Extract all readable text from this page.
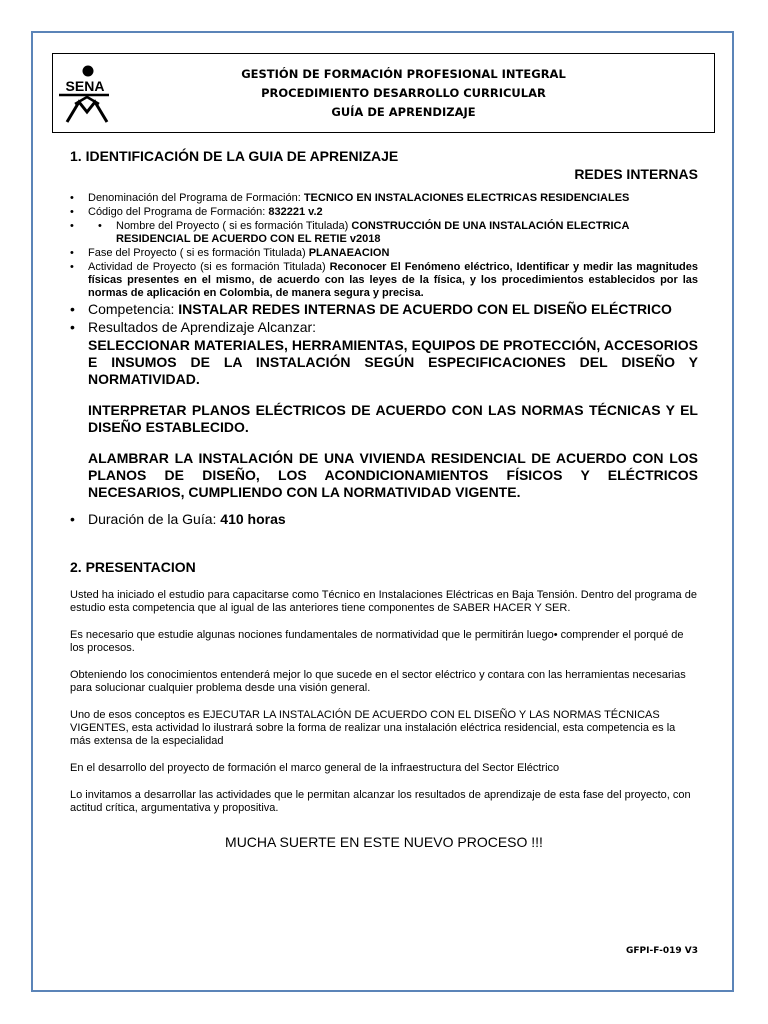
SENA
GESTIÓN DE FORMACIÓN PROFESIONAL INTEGRAL
PROCEDIMIENTO DESARROLLO CURRICULAR
GUÍA DE APRENDIZAJE
1. IDENTIFICACIÓN DE LA GUIA DE APRENIZAJE
REDES INTERNAS
• Denominación del Programa de Formación: TECNICO EN INSTALACIONES ELECTRICAS RESIDENCIALES
• Código del Programa de Formación: 832221 v.2
• • Nombre del Proyecto ( si es formación Titulada) CONSTRUCCIÓN DE UNA INSTALACIÓN ELECTRICA RESIDENCIAL DE ACUERDO CON EL RETIE v2018
• Fase del Proyecto ( si es formación Titulada) PLANAEACION
• Actividad de Proyecto (si es formación Titulada) Reconocer El Fenómeno eléctrico, Identificar y medir las magnitudes físicas presentes en el mismo, de acuerdo con las leyes de la física, y los procedimientos establecidos por las normas de aplicación en Colombia, de manera segura y precisa.
• Competencia: INSTALAR REDES INTERNAS DE ACUERDO CON EL DISEÑO ELÉCTRICO
• Resultados de Aprendizaje Alcanzar:

SELECCIONAR MATERIALES, HERRAMIENTAS, EQUIPOS DE PROTECCIÓN, ACCESORIOS E INSUMOS DE LA INSTALACIÓN SEGÚN ESPECIFICACIONES DEL DISEÑO Y NORMATIVIDAD.

INTERPRETAR PLANOS ELÉCTRICOS DE ACUERDO CON LAS NORMAS TÉCNICAS Y EL DISEÑO ESTABLECIDO.

ALAMBRAR LA INSTALACIÓN DE UNA VIVIENDA RESIDENCIAL DE ACUERDO CON LOS PLANOS DE DISEÑO, LOS ACONDICIONAMIENTOS FÍSICOS Y ELÉCTRICOS NECESARIOS, CUMPLIENDO CON LA NORMATIVIDAD VIGENTE.

• Duración de la Guía: 410 horas
2. PRESENTACION

Usted ha iniciado el estudio para capacitarse como Técnico en Instalaciones Eléctricas en Baja Tensión. Dentro del programa de estudio esta competencia que al igual de las anteriores tiene componentes de SABER HACER Y SER.

Es necesario que estudie algunas nociones fundamentales de normatividad que le permitirán luego• comprender el porqué de los procesos.

Obteniendo los conocimientos entenderá mejor lo que sucede en el sector eléctrico y contara con las herramientas necesarias para solucionar cualquier problema desde una visión general.

Uno de esos conceptos es EJECUTAR LA INSTALACIÓN DE ACUERDO CON EL DISEÑO Y LAS NORMAS TÉCNICAS VIGENTES, esta actividad lo ilustrará sobre la forma de realizar una instalación eléctrica residencial, esta competencia es la más extensa de la especialidad

En el desarrollo del proyecto de formación el marco general de la infraestructura del Sector Eléctrico

Lo invitamos a desarrollar las actividades que le permitan alcanzar los resultados de aprendizaje de esta fase del proyecto, con actitud crítica, argumentativa y propositiva.

MUCHA SUERTE EN ESTE NUEVO PROCESO !!!
GFPI-F-019 V3
